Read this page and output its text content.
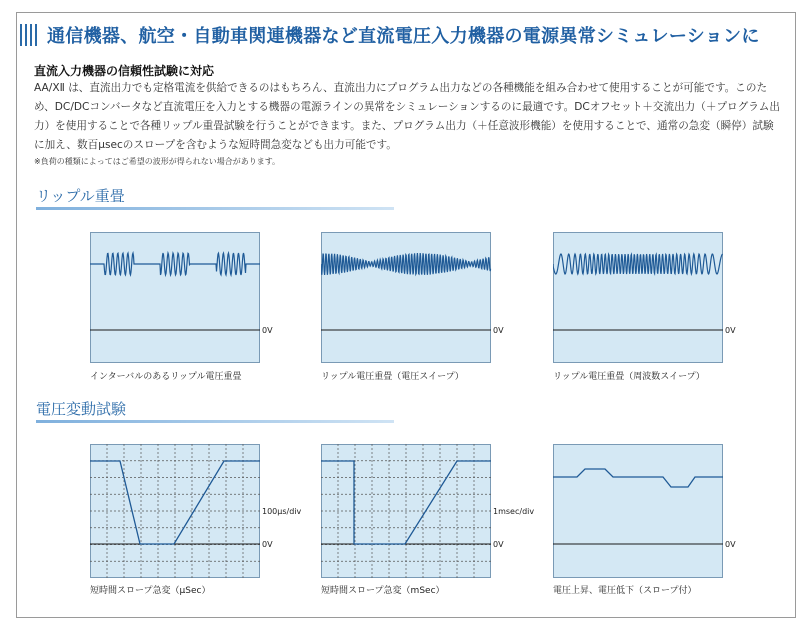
通信機器、航空・自動車関連機器など直流電圧入力機器の電源異常シミュレーションに
直流入力機器の信頼性試験に対応
AA/XⅡ は、直流出力でも定格電流を供給できるのはもちろん、直流出力にプログラム出力などの各種機能を組み合わせて使用することが可能です。このため、DC/DCコンバータなど直流電圧を入力とする機器の電源ラインの異常をシミュレーションするのに最適です。DCオフセット＋交流出力（＋プログラム出力）を使用することで各種リップル重畳試験を行うことができます。また、プログラム出力（＋任意波形機能）を使用することで、通常の急変（瞬停）試験に加え、数百μsecのスロープを含むような短時間急変なども出力可能です。
※負荷の種類によってはご希望の波形が得られない場合があります。
リップル重畳
0V
インターバルのあるリップル電圧重畳
0V
リップル電圧重畳（電圧スイープ）
0V
リップル電圧重畳（周波数スイープ）
電圧変動試験
100μs/div
0V
短時間スロープ急変（μSec）
1msec/div
0V
短時間スロープ急変（mSec）
0V
電圧上昇、電圧低下（スロープ付）
